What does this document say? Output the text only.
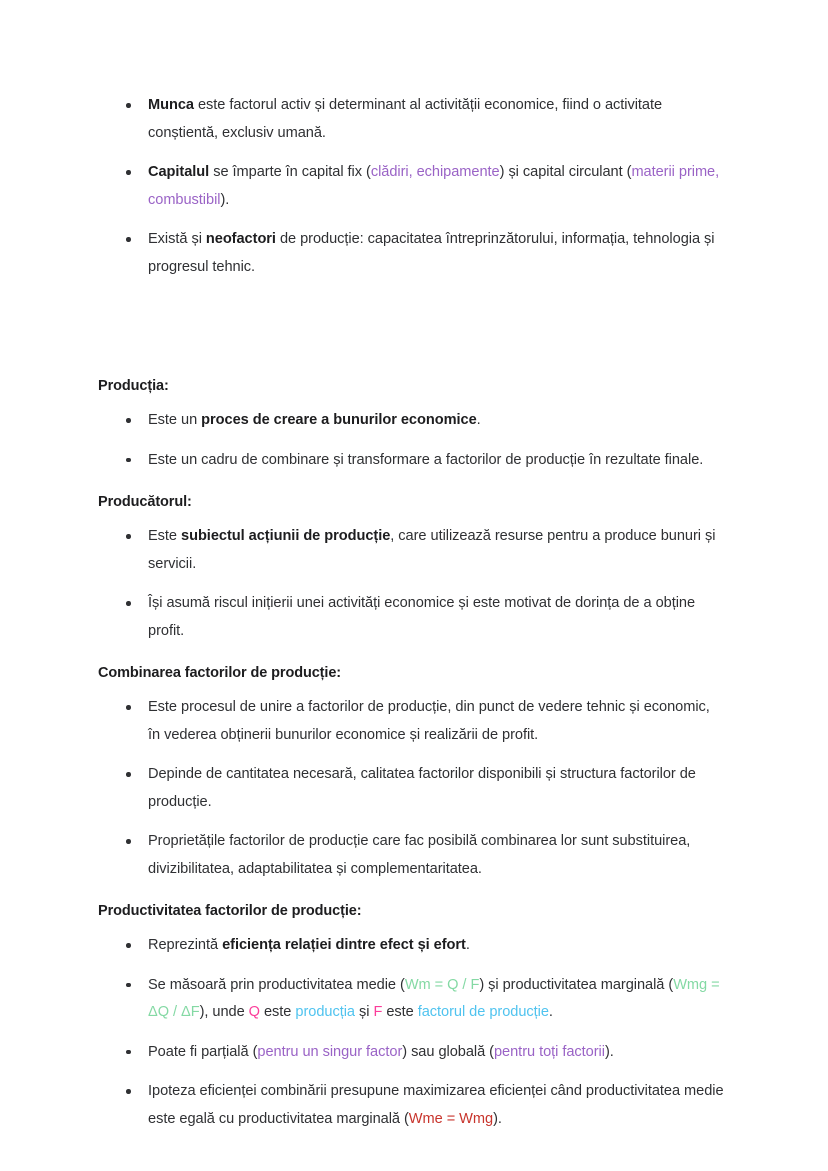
Munca este factorul activ și determinant al activității economice, fiind o activitate conștientă, exclusiv umană.
Capitalul se împarte în capital fix (clădiri, echipamente) și capital circulant (materii prime, combustibil).
Există și neofactori de producție: capacitatea întreprinzătorului, informația, tehnologia și progresul tehnic.
Producția:
Este un proces de creare a bunurilor economice.
Este un cadru de combinare și transformare a factorilor de producție în rezultate finale.
Producătorul:
Este subiectul acțiunii de producție, care utilizează resurse pentru a produce bunuri și servicii.
Își asumă riscul inițierii unei activități economice și este motivat de dorința de a obține profit.
Combinarea factorilor de producție:
Este procesul de unire a factorilor de producție, din punct de vedere tehnic și economic, în vederea obținerii bunurilor economice și realizării de profit.
Depinde de cantitatea necesară, calitatea factorilor disponibili și structura factorilor de producție.
Proprietățile factorilor de producție care fac posibilă combinarea lor sunt substituirea, divizibilitatea, adaptabilitatea și complementaritatea.
Productivitatea factorilor de producție:
Reprezintă eficiența relației dintre efect și efort.
Se măsoară prin productivitatea medie (Wm = Q / F) și productivitatea marginală (Wmg = ΔQ / ΔF), unde Q este producția și F este factorul de producție.
Poate fi parțială (pentru un singur factor) sau globală (pentru toți factorii).
Ipoteza eficienței combinării presupune maximizarea eficienței când productivitatea medie este egală cu productivitatea marginală (Wme = Wmg).
